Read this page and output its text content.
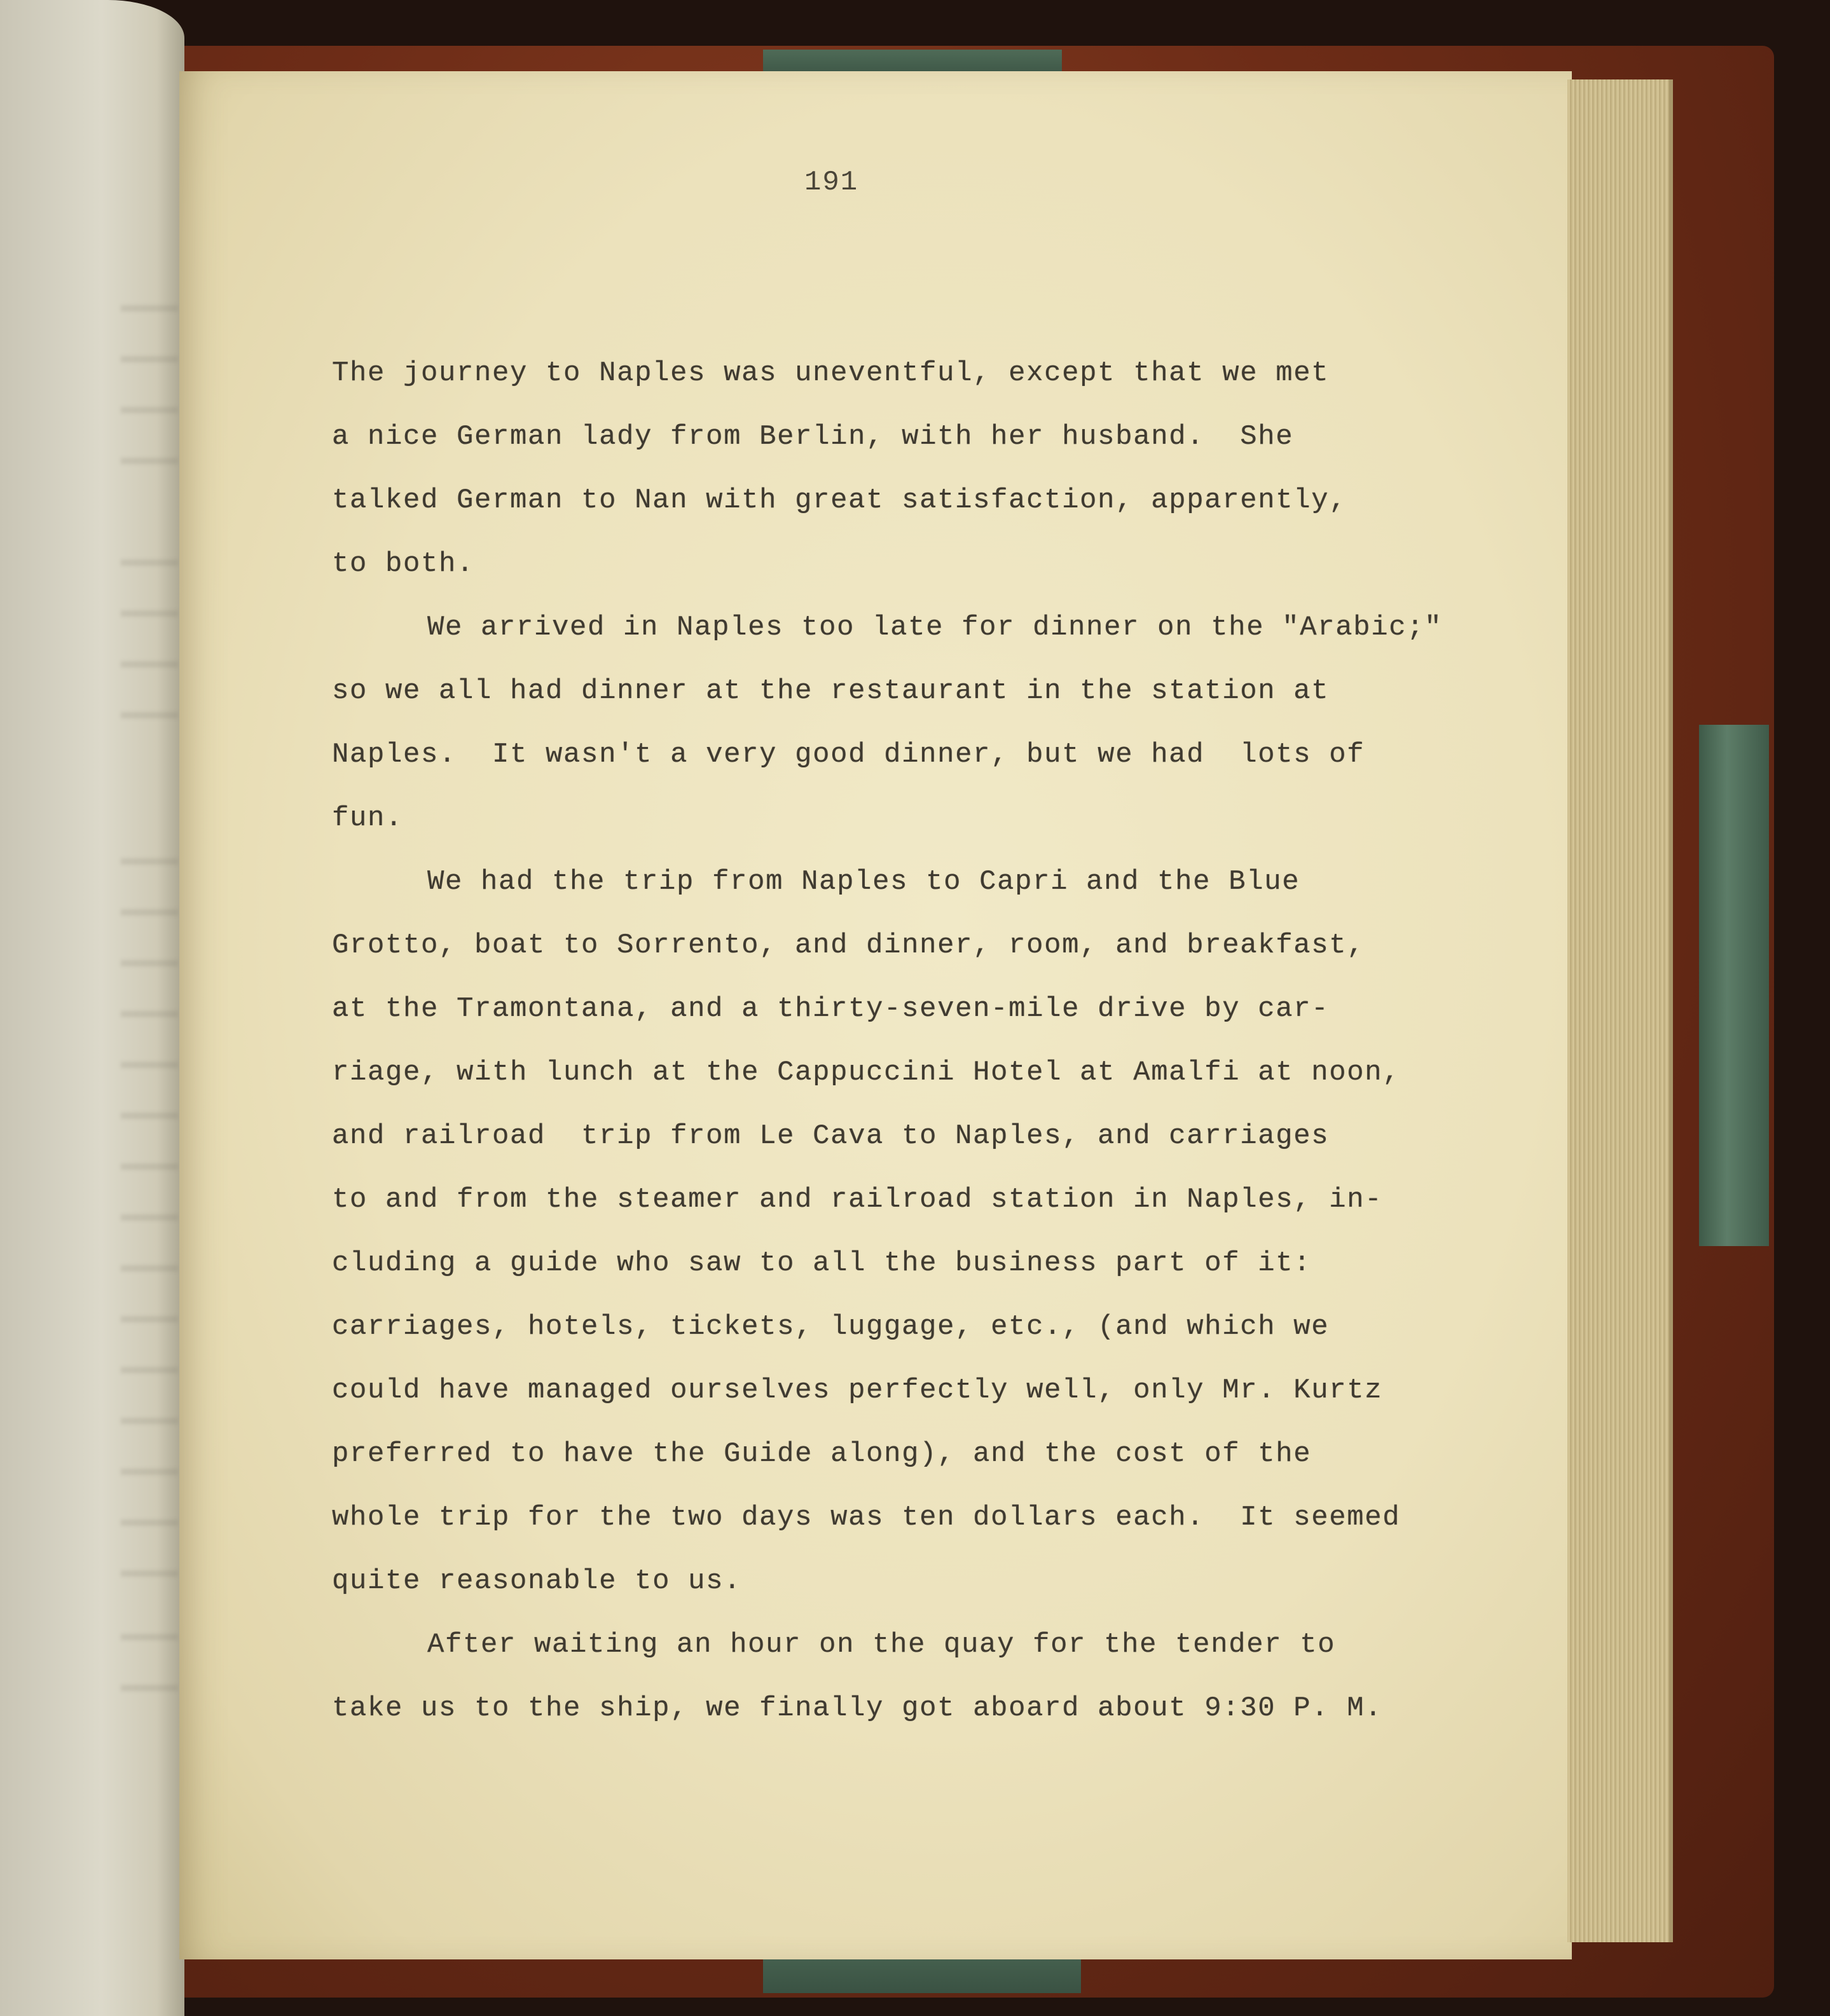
191
The journey to Naples was uneventful, except that we met
a nice German lady from Berlin, with her husband.  She
talked German to Nan with great satisfaction, apparently,
to both.
We arrived in Naples too late for dinner on the "Arabic;"
so we all had dinner at the restaurant in the station at
Naples.  It wasn't a very good dinner, but we had  lots of
fun.
We had the trip from Naples to Capri and the Blue
Grotto, boat to Sorrento, and dinner, room, and breakfast,
at the Tramontana, and a thirty-seven-mile drive by car-
riage, with lunch at the Cappuccini Hotel at Amalfi at noon,
and railroad  trip from Le Cava to Naples, and carriages
to and from the steamer and railroad station in Naples, in-
cluding a guide who saw to all the business part of it:
carriages, hotels, tickets, luggage, etc., (and which we
could have managed ourselves perfectly well, only Mr. Kurtz
preferred to have the Guide along), and the cost of the
whole trip for the two days was ten dollars each.  It seemed
quite reasonable to us.
After waiting an hour on the quay for the tender to
take us to the ship, we finally got aboard about 9:30 P. M.
